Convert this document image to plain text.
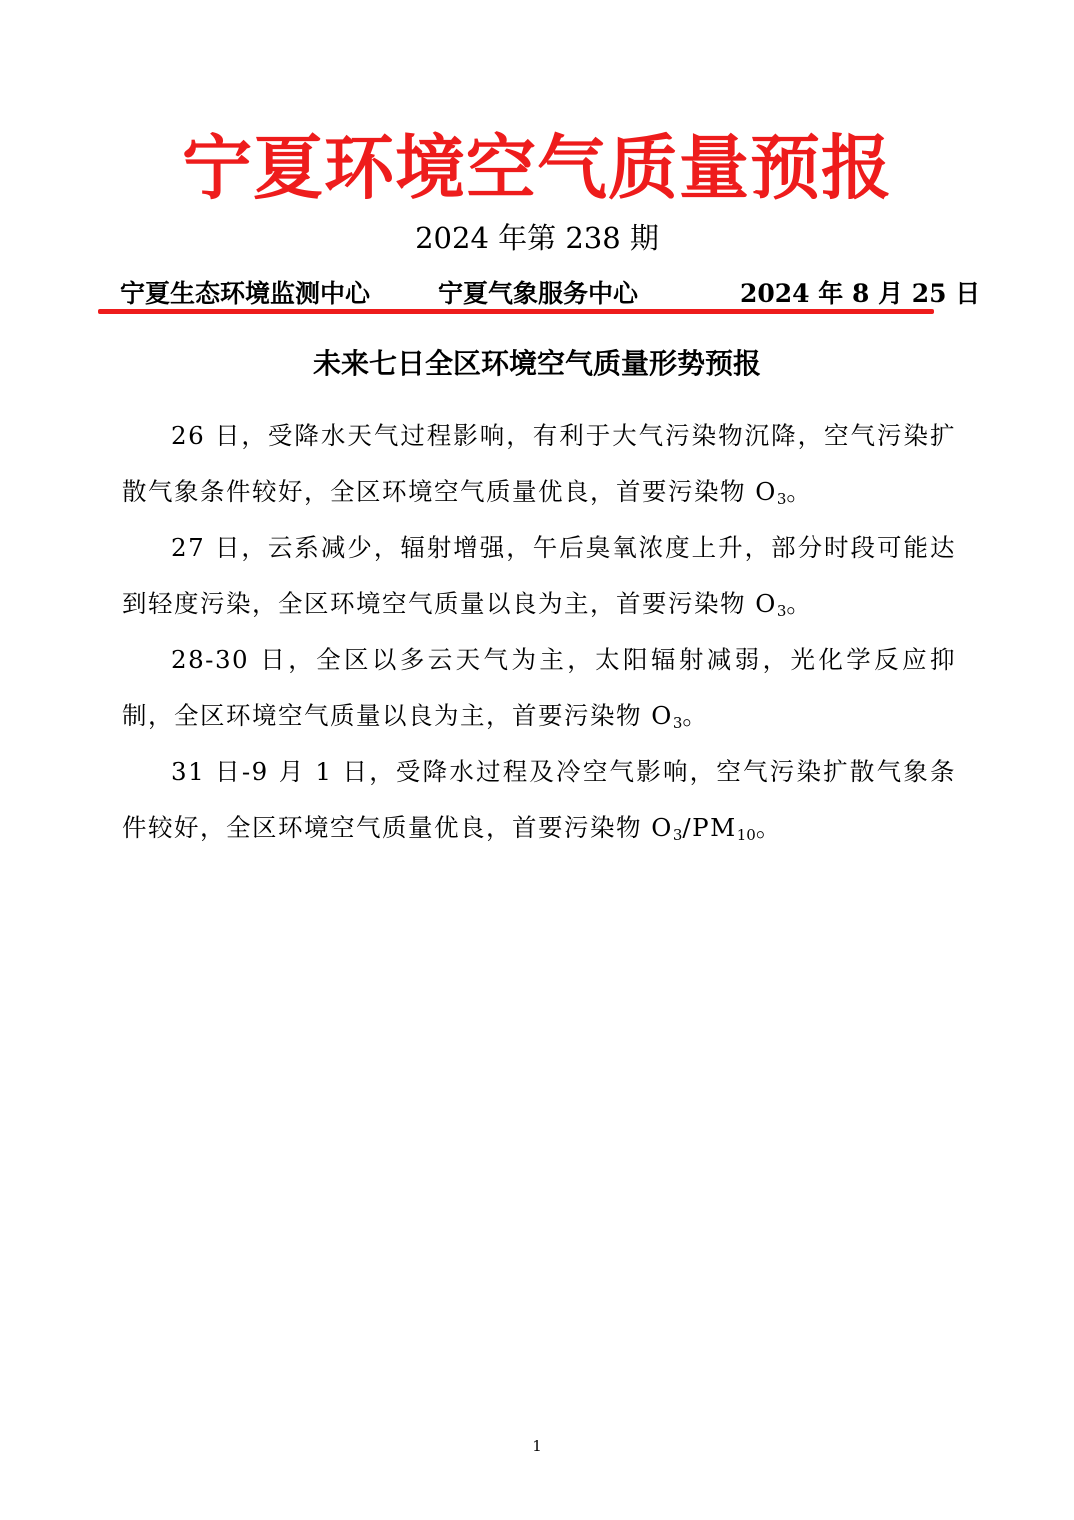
宁夏环境空气质量预报
2024 年第 238 期
宁夏生态环境监测中心	宁夏气象服务中心	2024 年 8 月 25 日
未来七日全区环境空气质量形势预报

26 日，受降水天气过程影响，有利于大气污染物沉降，空气污染扩散气象条件较好，全区环境空气质量优良，首要污染物 $O_3$。

27 日，云系减少，辐射增强，午后臭氧浓度上升，部分时段可能达到轻度污染，全区环境空气质量以良为主，首要污染物 $O_3$。

28-30 日，全区以多云天气为主，太阳辐射减弱，光化学反应抑制，全区环境空气质量以良为主，首要污染物 $O_3$。

31 日-9 月 1 日，受降水过程及冷空气影响，空气污染扩散气象条件较好，全区环境空气质量优良，首要污染物 $O_3/PM_{10}$。

1
